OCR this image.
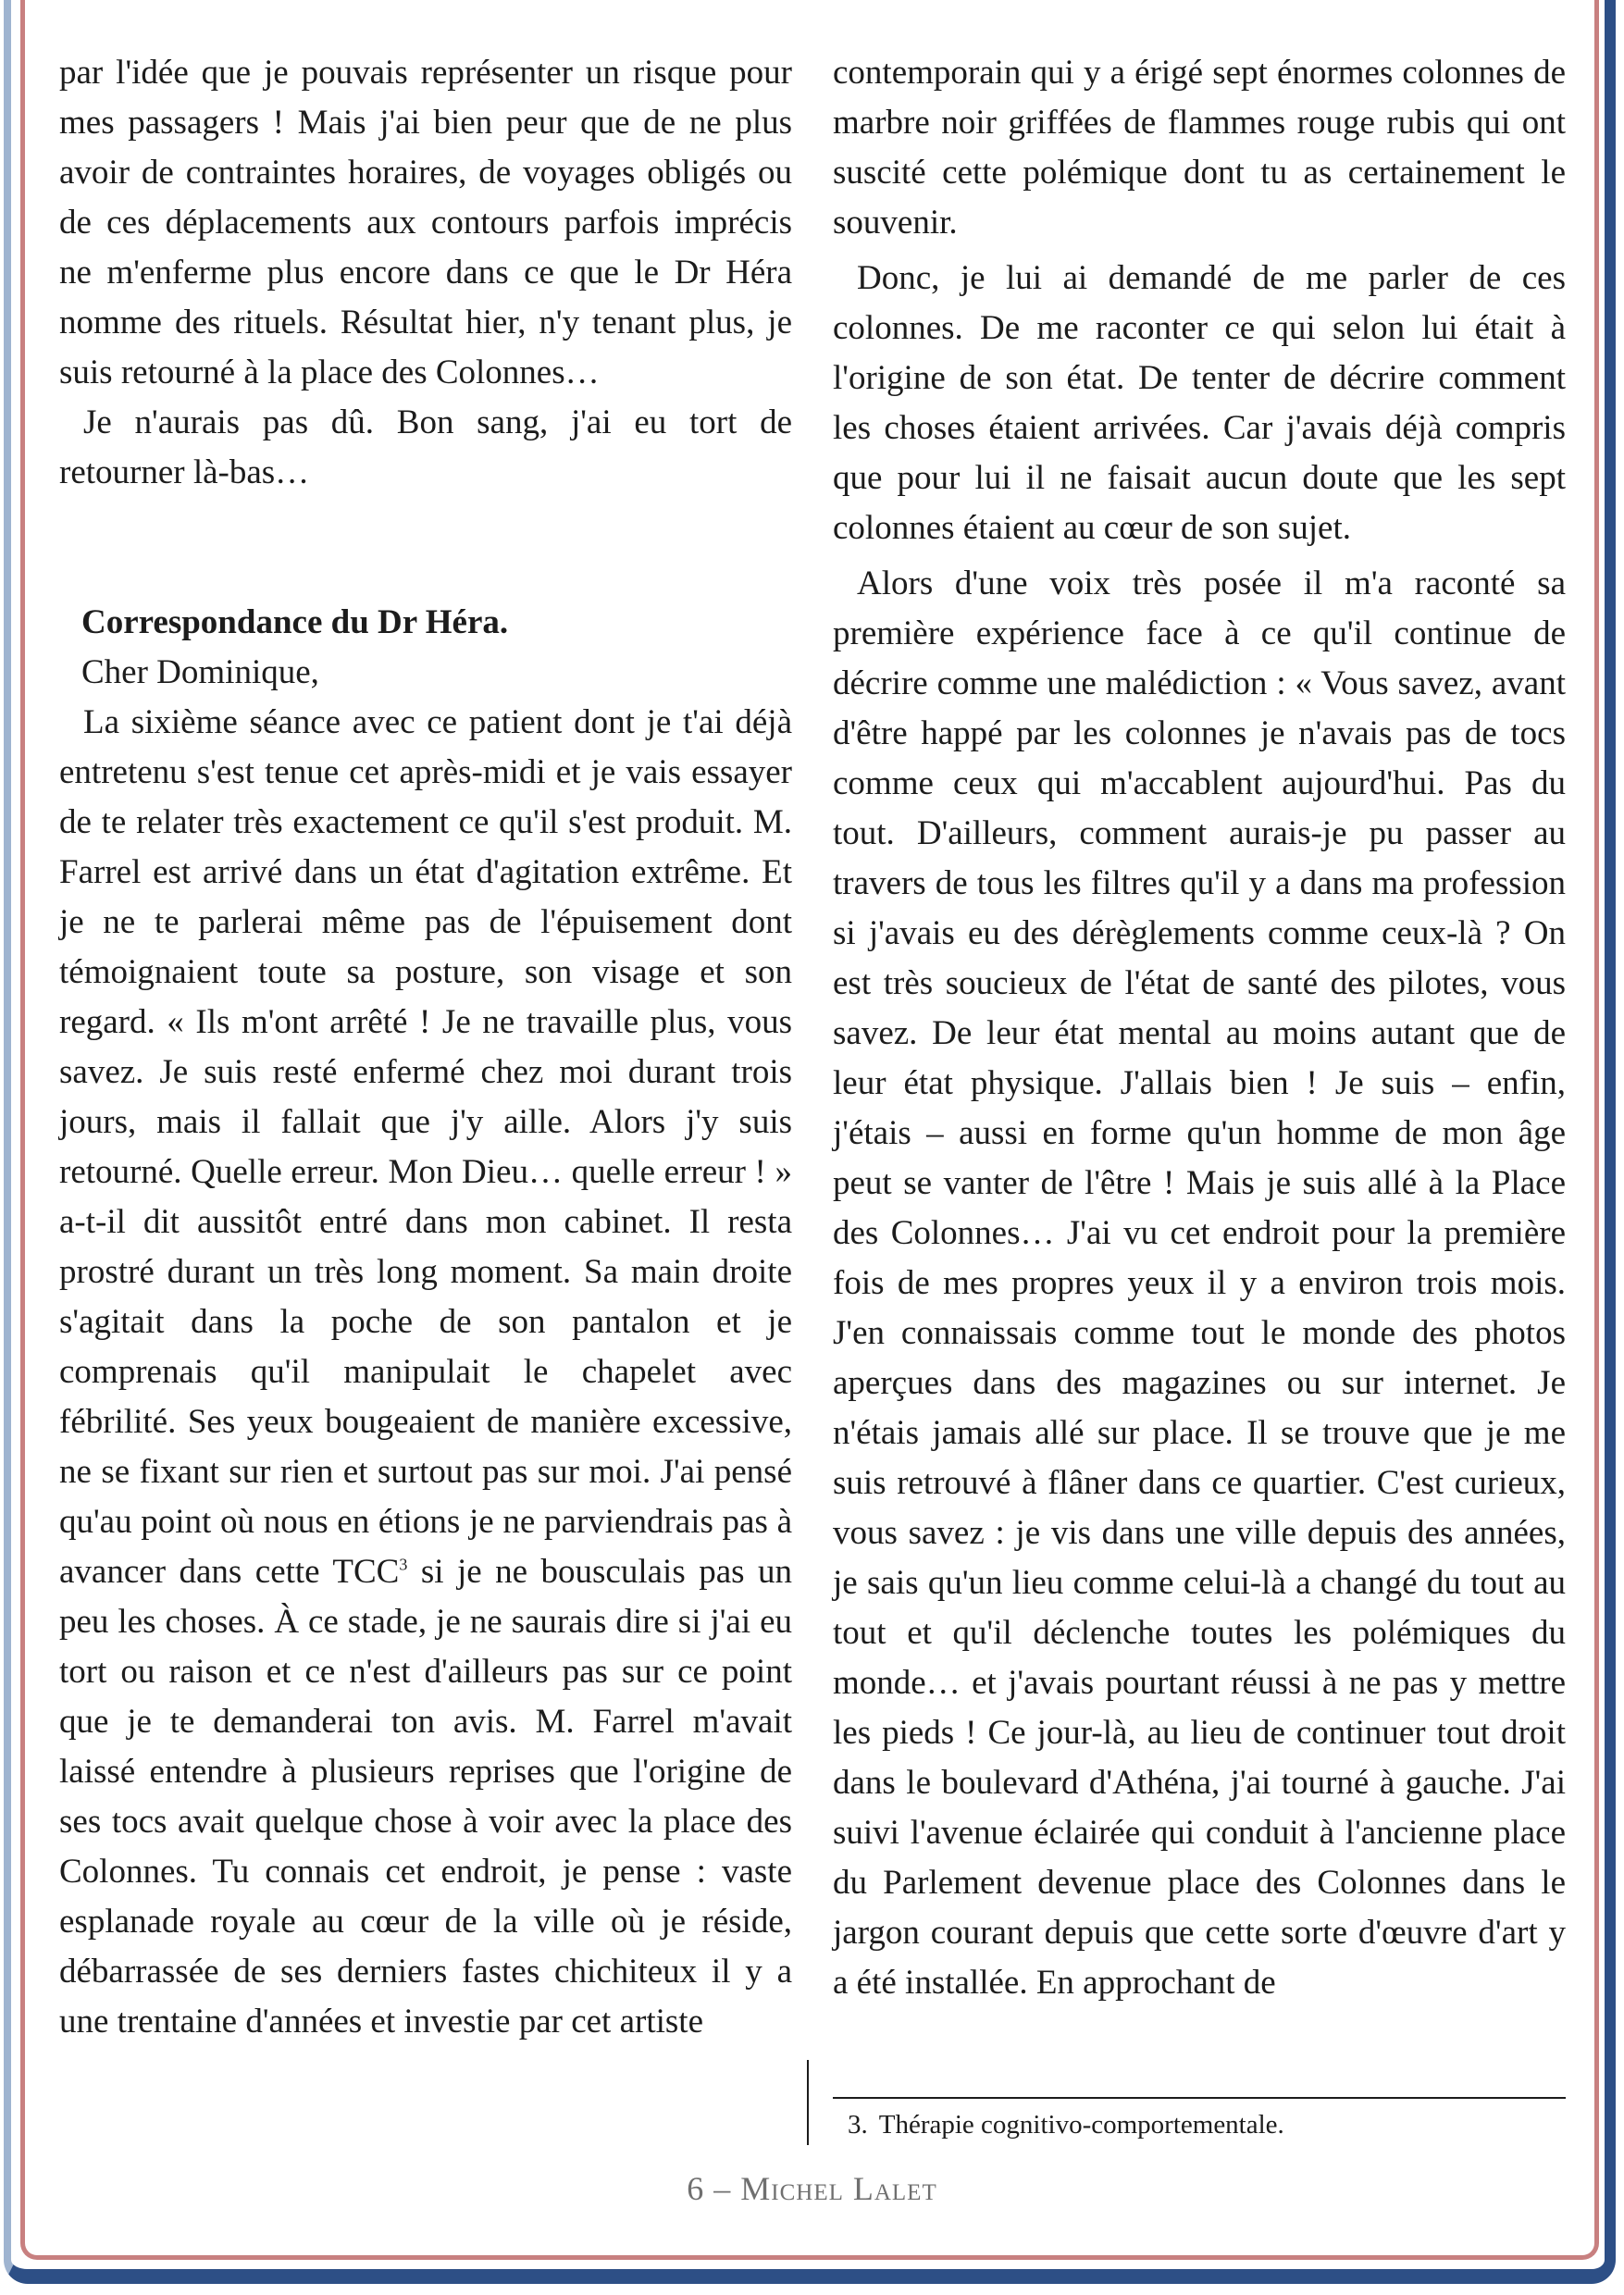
par l'idée que je pouvais représenter un risque pour mes passagers ! Mais j'ai bien peur que de ne plus avoir de contraintes horaires, de voyages obligés ou de ces déplacements aux contours parfois imprécis ne m'enferme plus encore dans ce que le Dr Héra nomme des rituels. Résultat hier, n'y tenant plus, je suis retourné à la place des Colonnes…

Je n'aurais pas dû. Bon sang, j'ai eu tort de retourner là-bas…

Correspondance du Dr Héra.

Cher Dominique,

La sixième séance avec ce patient dont je t'ai déjà entretenu s'est tenue cet après-midi et je vais essayer de te relater très exactement ce qu'il s'est produit. M. Farrel est arrivé dans un état d'agitation extrême. Et je ne te parlerai même pas de l'épuisement dont témoignaient toute sa posture, son visage et son regard. « Ils m'ont arrêté ! Je ne travaille plus, vous savez. Je suis resté enfermé chez moi durant trois jours, mais il fallait que j'y aille. Alors j'y suis retourné. Quelle erreur. Mon Dieu… quelle erreur ! » a-t-il dit aussitôt entré dans mon cabinet. Il resta prostré durant un très long moment. Sa main droite s'agitait dans la poche de son pantalon et je comprenais qu'il manipulait le chapelet avec fébrilité. Ses yeux bougeaient de manière excessive, ne se fixant sur rien et surtout pas sur moi. J'ai pensé qu'au point où nous en étions je ne parviendrais pas à avancer dans cette TCC$^3$ si je ne bousculais pas un peu les choses. À ce stade, je ne saurais dire si j'ai eu tort ou raison et ce n'est d'ailleurs pas sur ce point que je te demanderai ton avis. M. Farrel m'avait laissé entendre à plusieurs reprises que l'origine de ses tocs avait quelque chose à voir avec la place des Colonnes. Tu connais cet endroit, je pense : vaste esplanade royale au cœur de la ville où je réside, débarrassée de ses derniers fastes chichiteux il y a une trentaine d'années et investie par cet artiste

contemporain qui y a érigé sept énormes colonnes de marbre noir griffées de flammes rouge rubis qui ont suscité cette polémique dont tu as certainement le souvenir.

Donc, je lui ai demandé de me parler de ces colonnes. De me raconter ce qui selon lui était à l'origine de son état. De tenter de décrire comment les choses étaient arrivées. Car j'avais déjà compris que pour lui il ne faisait aucun doute que les sept colonnes étaient au cœur de son sujet.

Alors d'une voix très posée il m'a raconté sa première expérience face à ce qu'il continue de décrire comme une malédiction : « Vous savez, avant d'être happé par les colonnes je n'avais pas de tocs comme ceux qui m'accablent aujourd'hui. Pas du tout. D'ailleurs, comment aurais-je pu passer au travers de tous les filtres qu'il y a dans ma profession si j'avais eu des dérèglements comme ceux-là ? On est très soucieux de l'état de santé des pilotes, vous savez. De leur état mental au moins autant que de leur état physique. J'allais bien ! Je suis – enfin, j'étais – aussi en forme qu'un homme de mon âge peut se vanter de l'être ! Mais je suis allé à la Place des Colonnes… J'ai vu cet endroit pour la première fois de mes propres yeux il y a environ trois mois. J'en connaissais comme tout le monde des photos aperçues dans des magazines ou sur internet. Je n'étais jamais allé sur place. Il se trouve que je me suis retrouvé à flâner dans ce quartier. C'est curieux, vous savez : je vis dans une ville depuis des années, je sais qu'un lieu comme celui-là a changé du tout au tout et qu'il déclenche toutes les polémiques du monde… et j'avais pourtant réussi à ne pas y mettre les pieds ! Ce jour-là, au lieu de continuer tout droit dans le boulevard d'Athéna, j'ai tourné à gauche. J'ai suivi l'avenue éclairée qui conduit à l'ancienne place du Parlement devenue place des Colonnes dans le jargon courant depuis que cette sorte d'œuvre d'art y a été installée. En approchant de

3. Thérapie cognitivo-comportementale.
6 – Michel Lalet
